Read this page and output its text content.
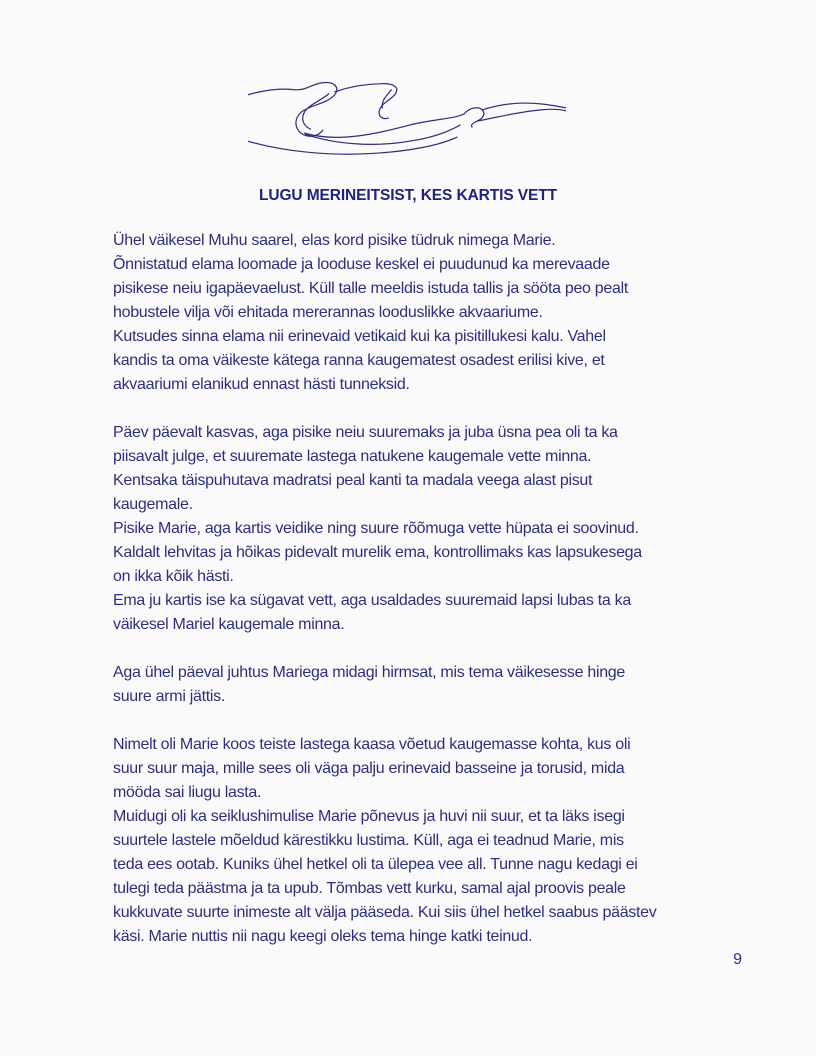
LUGU MERINEITSIST, KES KARTIS VETT

Ühel väikesel Muhu saarel, elas kord pisike tüdruk nimega Marie.
Õnnistatud elama loomade ja looduse keskel ei puudunud ka merevaade
pisikese neiu igapäevaelust. Küll talle meeldis istuda tallis ja sööta peo pealt
hobustele vilja või ehitada mererannas looduslikke akvaariume.
Kutsudes sinna elama nii erinevaid vetikaid kui ka pisitillukesi kalu. Vahel
kandis ta oma väikeste kätega ranna kaugematest osadest erilisi kive, et
akvaariumi elanikud ennast hästi tunneksid.

Päev päevalt kasvas, aga pisike neiu suuremaks ja juba üsna pea oli ta ka
piisavalt julge, et suuremate lastega natukene kaugemale vette minna.
Kentsaka täispuhutava madratsi peal kanti ta madala veega alast pisut
kaugemale.
Pisike Marie, aga kartis veidike ning suure rõõmuga vette hüpata ei soovinud.
Kaldalt lehvitas ja hõikas pidevalt murelik ema, kontrollimaks kas lapsukesega
on ikka kõik hästi.
Ema ju kartis ise ka sügavat vett, aga usaldades suuremaid lapsi lubas ta ka
väikesel Mariel kaugemale minna.

Aga ühel päeval juhtus Mariega midagi hirmsat, mis tema väikesesse hinge
suure armi jättis.

Nimelt oli Marie koos teiste lastega kaasa võetud kaugemasse kohta, kus oli
suur suur maja, mille sees oli väga palju erinevaid basseine ja torusid, mida
mööda sai liugu lasta.
Muidugi oli ka seiklushimulise Marie põnevus ja huvi nii suur, et ta läks isegi
suurtele lastele mõeldud kärestikku lustima. Küll, aga ei teadnud Marie, mis
teda ees ootab. Kuniks ühel hetkel oli ta ülepea vee all. Tunne nagu kedagi ei
tulegi teda päästma ja ta upub. Tõmbas vett kurku, samal ajal proovis peale
kukkuvate suurte inimeste alt välja pääseda. Kui siis ühel hetkel saabus päästev
käsi. Marie nuttis nii nagu keegi oleks tema hinge katki teinud.

9
